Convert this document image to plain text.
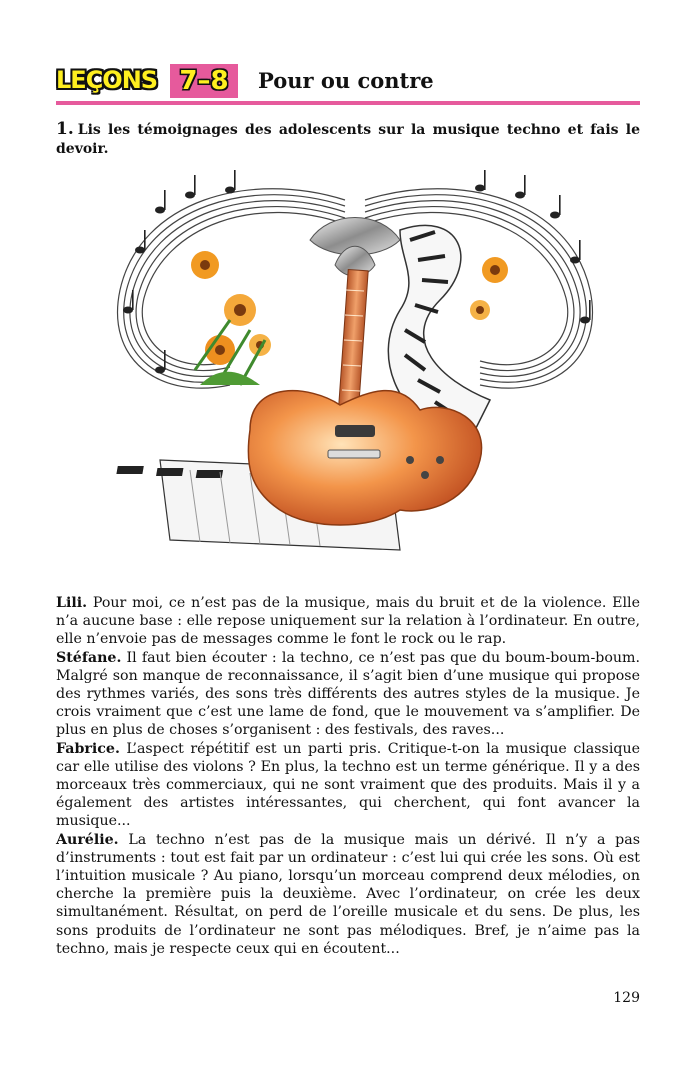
LEÇONS 7–8	Pour ou contre
1. Lis les témoignages des adolescents sur la musique techno et fais le devoir.

Lili. Pour moi, ce n’est pas de la musique, mais du bruit et de la violence. Elle n’a aucune base : elle repose uniquement sur la relation à l’ordinateur. En outre, elle n’envoie pas de messages comme le font le rock ou le rap.

Stéfane. Il faut bien écouter : la techno, ce n’est pas que du boum-boum-boum. Malgré son manque de reconnaissance, il s’agit bien d’une musique qui propose des rythmes variés, des sons très différents des autres styles de la musique. Je crois vraiment que c’est une lame de fond, que le mouvement va s’amplifier. De plus en plus de choses s’organisent : des festivals, des raves...

Fabrice. L’aspect répétitif est un parti pris. Critique-t-on la musique classique car elle utilise des violons ? En plus, la techno est un terme générique. Il y a des morceaux très commerciaux, qui ne sont vraiment que des produits. Mais il y a également des artistes intéressantes, qui cherchent, qui font avancer la musique...

Aurélie. La techno n’est pas de la musique mais un dérivé. Il n’y a pas d’instruments : tout est fait par un ordinateur : c’est lui qui crée les sons. Où est l’intuition musicale ? Au piano, lorsqu’un morceau comprend deux mélodies, on cherche la première puis la deuxième. Avec l’ordinateur, on crée les deux simultanément. Résultat, on perd de l’oreille musicale et du sens. De plus, les sons produits de l’ordinateur ne sont pas mélodiques. Bref, je n’aime pas la techno, mais je respecte ceux qui en écoutent...

129
